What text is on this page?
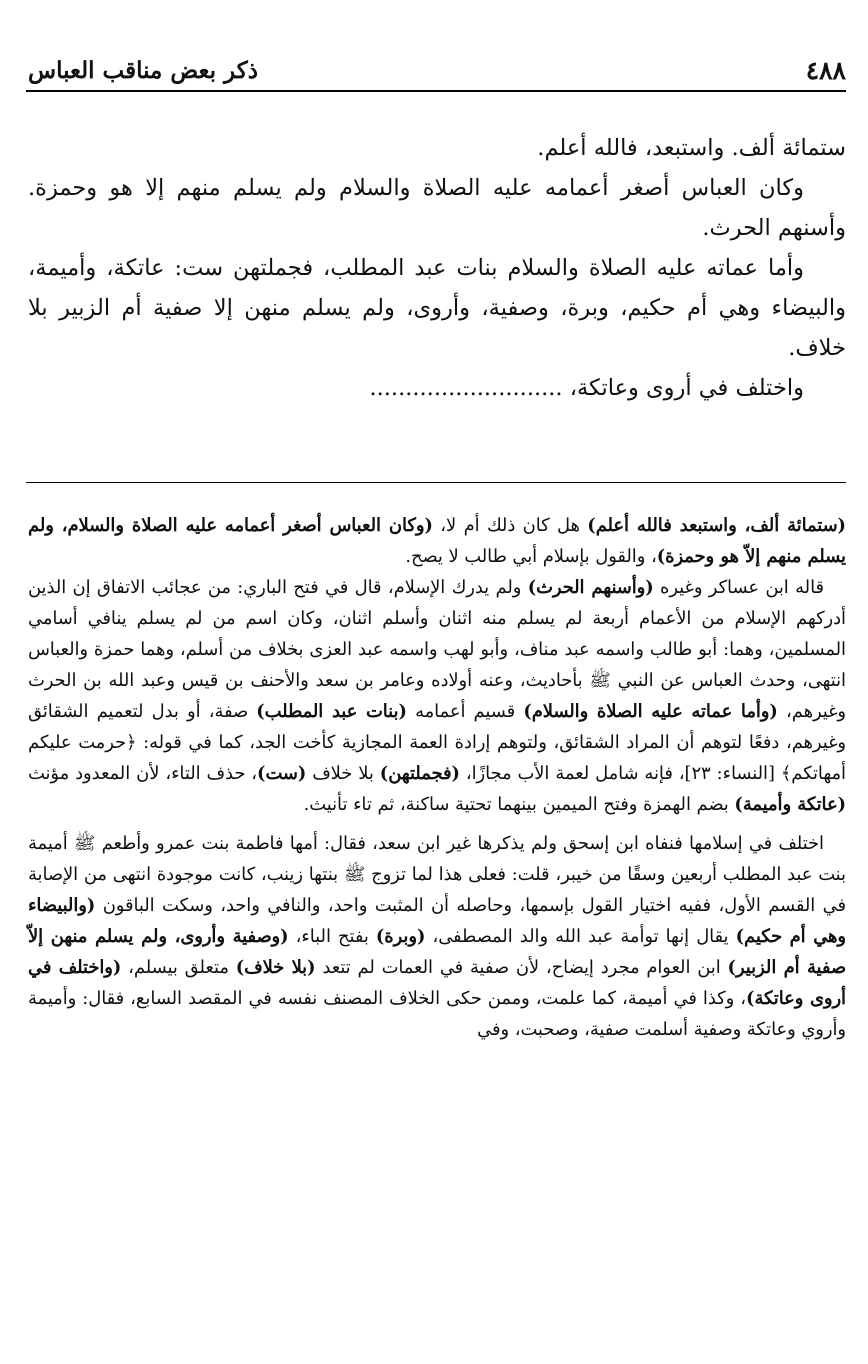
٤٨٨
ذكر بعض مناقب العباس

ستمائة ألف. واستبعد، فالله أعلم.

وكان العباس أصغر أعمامه عليه الصلاة والسلام ولم يسلم منهم إلا هو وحمزة. وأسنهم الحرث.

وأما عماته عليه الصلاة والسلام بنات عبد المطلب، فجملتهن ست: عاتكة، وأميمة، والبيضاء وهي أم حكيم، وبرة، وصفية، وأروى، ولم يسلم منهن إلا صفية أم الزبير بلا خلاف.

واختلف في أروى وعاتكة، ...........................

(ستمائة ألف، واستبعد فالله أعلم) هل كان ذلك أم لا، (وكان العباس أصغر أعمامه عليه الصلاة والسلام، ولم يسلم منهم إلاّ هو وحمزة)، والقول بإسلام أبي طالب لا يصح.

قاله ابن عساكر وغيره (وأسنهم الحرث) ولم يدرك الإسلام، قال في فتح الباري: من عجائب الاتفاق إن الذين أدركهم الإسلام من الأعمام أربعة لم يسلم منه اثنان وأسلم اثنان، وكان اسم من لم يسلم ينافي أسامي المسلمين، وهما: أبو طالب واسمه عبد مناف، وأبو لهب واسمه عبد العزى بخلاف من أسلم، وهما حمزة والعباس انتهى، وحدث العباس عن النبي ﷺ بأحاديث، وعنه أولاده وعامر بن سعد والأحنف بن قيس وعبد الله بن الحرث وغيرهم، (وأما عماته عليه الصلاة والسلام) قسيم أعمامه (بنات عبد المطلب) صفة، أو بدل لتعميم الشقائق وغيرهم، دفعًا لتوهم أن المراد الشقائق، ولتوهم إرادة العمة المجازية كأخت الجد، كما في قوله: ﴿حرمت عليكم أمهاتكم﴾ [النساء: ٢٣]، فإنه شامل لعمة الأب مجازًا، (فجملتهن) بلا خلاف (ست)، حذف التاء، لأن المعدود مؤنث (عاتكة وأميمة) بضم الهمزة وفتح الميمين بينهما تحتية ساكنة، ثم تاء تأنيث.

اختلف في إسلامها فنفاه ابن إسحق ولم يذكرها غير ابن سعد، فقال: أمها فاطمة بنت عمرو وأطعم ﷺ أميمة بنت عبد المطلب أربعين وسقًا من خيبر، قلت: فعلى هذا لما تزوج ﷺ بنتها زينب، كانت موجودة انتهى من الإصابة في القسم الأول، ففيه اختيار القول بإسمها، وحاصله أن المثبت واحد، والنافي واحد، وسكت الباقون (والبيضاء وهي أم حكيم) يقال إنها توأمة عبد الله والد المصطفى، (وبرة) بفتح الباء، (وصفية وأروى، ولم يسلم منهن إلاّ صفية أم الزبير) ابن العوام مجرد إيضاح، لأن صفية في العمات لم تتعد (بلا خلاف) متعلق بيسلم، (واختلف في أروى وعاتكة)، وكذا في أميمة، كما علمت، وممن حكى الخلاف المصنف نفسه في المقصد السابع، فقال: وأميمة وأروي وعاتكة وصفية أسلمت صفية، وصحبت، وفي
